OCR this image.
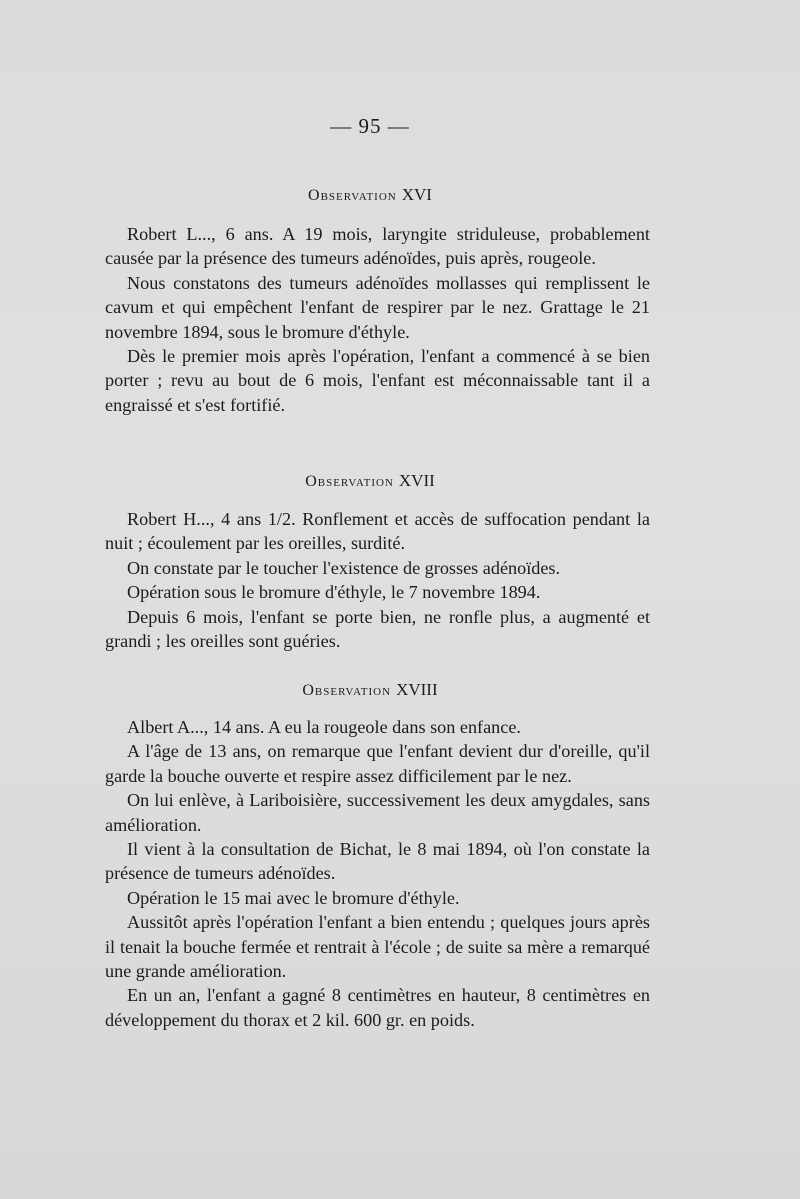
— 95 —
Observation XVI

Robert L..., 6 ans. A 19 mois, laryngite striduleuse, probablement causée par la présence des tumeurs adénoïdes, puis après, rougeole.

Nous constatons des tumeurs adénoïdes mollasses qui remplissent le cavum et qui empêchent l'enfant de respirer par le nez. Grattage le 21 novembre 1894, sous le bromure d'éthyle.

Dès le premier mois après l'opération, l'enfant a commencé à se bien porter ; revu au bout de 6 mois, l'enfant est méconnaissable tant il a engraissé et s'est fortifié.

Observation XVII

Robert H..., 4 ans 1/2. Ronflement et accès de suffocation pendant la nuit ; écoulement par les oreilles, surdité.

On constate par le toucher l'existence de grosses adénoïdes.

Opération sous le bromure d'éthyle, le 7 novembre 1894.

Depuis 6 mois, l'enfant se porte bien, ne ronfle plus, a augmenté et grandi ; les oreilles sont guéries.

Observation XVIII

Albert A..., 14 ans. A eu la rougeole dans son enfance.

A l'âge de 13 ans, on remarque que l'enfant devient dur d'oreille, qu'il garde la bouche ouverte et respire assez difficilement par le nez.

On lui enlève, à Lariboisière, successivement les deux amygdales, sans amélioration.

Il vient à la consultation de Bichat, le 8 mai 1894, où l'on constate la présence de tumeurs adénoïdes.

Opération le 15 mai avec le bromure d'éthyle.

Aussitôt après l'opération l'enfant a bien entendu ; quelques jours après il tenait la bouche fermée et rentrait à l'école ; de suite sa mère a remarqué une grande amélioration.

En un an, l'enfant a gagné 8 centimètres en hauteur, 8 centimètres en développement du thorax et 2 kil. 600 gr. en poids.
